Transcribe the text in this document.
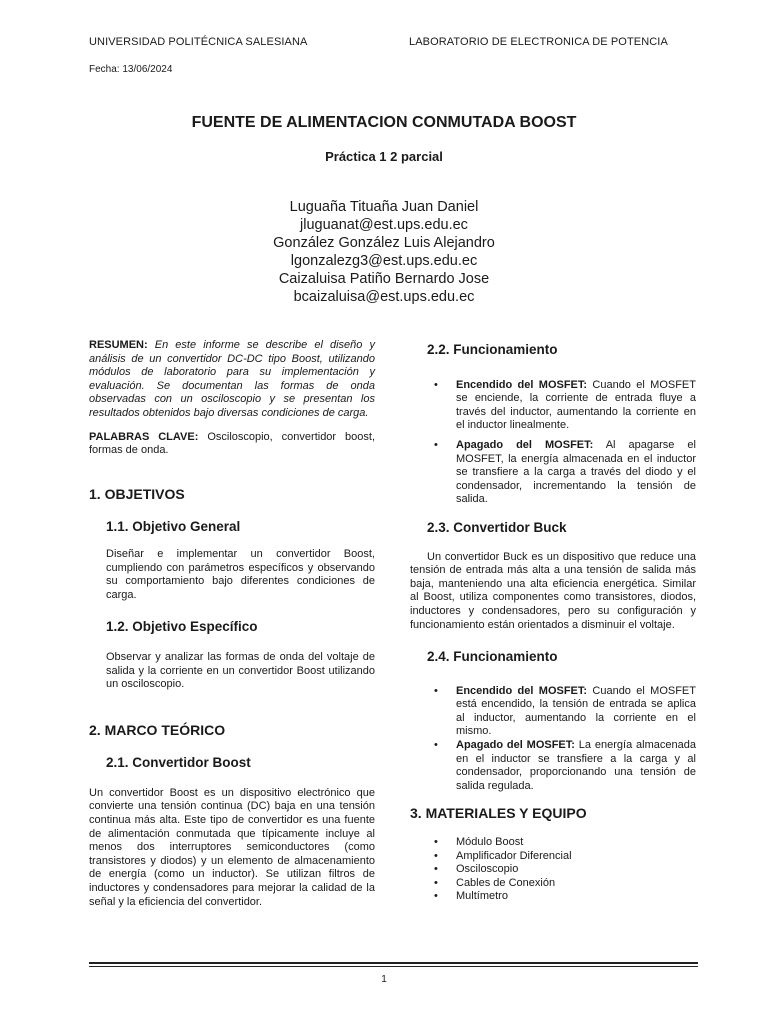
UNIVERSIDAD POLITÉCNICA SALESIANA	LABORATORIO DE ELECTRONICA DE POTENCIA
Fecha: 13/06/2024
FUENTE DE ALIMENTACION CONMUTADA BOOST
Práctica 1 2 parcial
Luguaña Tituaña Juan Daniel
jluguanat@est.ups.edu.ec
González González Luis Alejandro
lgonzalezg3@est.ups.edu.ec
Caizaluisa Patiño Bernardo Jose
bcaizaluisa@est.ups.edu.ec

RESUMEN: En este informe se describe el diseño y análisis de un convertidor DC-DC tipo Boost, utilizando módulos de laboratorio para su implementación y evaluación. Se documentan las formas de onda observadas con un osciloscopio y se presentan los resultados obtenidos bajo diversas condiciones de carga.

PALABRAS CLAVE: Osciloscopio, convertidor boost, formas de onda.

1. OBJETIVOS
1.1. Objetivo General

Diseñar e implementar un convertidor Boost, cumpliendo con parámetros específicos y observando su comportamiento bajo diferentes condiciones de carga.

1.2. Objetivo Específico

Observar y analizar las formas de onda del voltaje de salida y la corriente en un convertidor Boost utilizando un osciloscopio.

2. MARCO TEÓRICO
2.1. Convertidor Boost

Un convertidor Boost es un dispositivo electrónico que convierte una tensión continua (DC) baja en una tensión continua más alta. Este tipo de convertidor es una fuente de alimentación conmutada que típicamente incluye al menos dos interruptores semiconductores (como transistores y diodos) y un elemento de almacenamiento de energía (como un inductor). Se utilizan filtros de inductores y condensadores para mejorar la calidad de la señal y la eficiencia del convertidor.

2.2. Funcionamiento
• Encendido del MOSFET: Cuando el MOSFET se enciende, la corriente de entrada fluye a través del inductor, aumentando la corriente en el inductor linealmente.
• Apagado del MOSFET: Al apagarse el MOSFET, la energía almacenada en el inductor se transfiere a la carga a través del diodo y el condensador, incrementando la tensión de salida.
2.3. Convertidor Buck

Un convertidor Buck es un dispositivo que reduce una tensión de entrada más alta a una tensión de salida más baja, manteniendo una alta eficiencia energética. Similar al Boost, utiliza componentes como transistores, diodos, inductores y condensadores, pero su configuración y funcionamiento están orientados a disminuir el voltaje.

2.4. Funcionamiento
• Encendido del MOSFET: Cuando el MOSFET está encendido, la tensión de entrada se aplica al inductor, aumentando la corriente en el mismo.
• Apagado del MOSFET: La energía almacenada en el inductor se transfiere a la carga y al condensador, proporcionando una tensión de salida regulada.
3. MATERIALES Y EQUIPO
• Módulo Boost
• Amplificador Diferencial
• Osciloscopio
• Cables de Conexión
• Multímetro
1
